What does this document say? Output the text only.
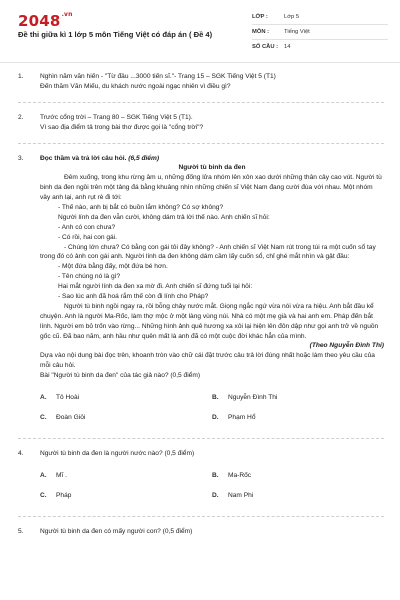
$2048^{.vn}$
Đề thi giữa kì 1 lớp 5 môn Tiếng Việt có đáp án ( Đề 4)
LỚP :	Lớp 5
MÔN :	Tiếng Việt
SỐ CÂU :	14
1.	Nghìn năm văn hiến - "Từ đầu ...3000 tiến sĩ."- Trang 15 – SGK Tiếng Việt 5 (T1)

Đến thăm Văn Miếu, du khách nước ngoài ngạc nhiên vì điều gì?

2.	Trước cổng trời – Trang 80 – SGK Tiếng Việt 5 (T1).

Vì sao địa điểm tả trong bài thơ được gọi là "cổng trời"?

3.	Đọc thầm và trả lời câu hỏi. (6,5 điểm)

Người tù binh da đen

Đêm xuống, trong khu rừng âm u, những đống lửa nhóm lên xôn xao dưới những thân cây cao vút. Người tù binh da đen ngồi trên một tảng đá bằng khuâng nhìn những chiến sĩ Việt Nam đang cười đùa với nhau. Một nhóm vây anh lại, anh rụt rè đi tới:

- Thế nào, anh bị bắt có buồn lắm không? Có sợ không?

Người lính da đen vẫn cười, không dám trả lời thế nào. Anh chiến sĩ hỏi:

- Anh có con chưa?

- Có rồi, hai con gái.

- Chúng lớn chưa? Có bằng con gái tôi đây không? - Anh chiến sĩ Việt Nam rút trong túi ra một cuốn sổ tay trong đó có ảnh con gái anh. Người lính da đen không dám cầm lấy cuốn sổ, chỉ ghé mắt nhìn và gật đầu:

- Một đứa bằng đấy, một đứa bé hơn.

- Tên chúng nó là gì?

Hai mắt người lính da đen xa mờ đi. Anh chiến sĩ đứng tuổi lại hỏi:

- Sao lúc anh đã hoá rắm thế còn đi lính cho Pháp?

Người tù binh ngồi ngay ra, rồi bỗng chảy nước mắt. Giọng ngắc ngứ vừa nói vừa ra hiệu. Anh bắt đầu kể chuyện. Anh là người Ma-Rốc, làm thợ mộc ở một làng vùng núi. Nhà có một mẹ già và hai anh em. Pháp đến bắt lính. Người em bỏ trốn vào rừng... Những hình ảnh quê hương xa xôi lại hiện lên đôn dập như gọi anh trở về nguồn gốc cũ. Đã bao năm, anh hầu như quên mất là anh đã có một cuộc đời khác hẳn của mình.

(Theo Nguyễn Đình Thi)

Dựa vào nội dung bài đọc trên, khoanh tròn vào chữ cái đặt trước câu trả lời đúng nhất hoặc làm theo yêu cầu của mỗi câu hỏi.

Bài "Người tù binh da đen" của tác giả nào? (0,5 điểm)

A.	Tô Hoài	B.	Nguyễn Đình Thi
C.	Đoàn Giỏi	D.	Phạm Hổ
4.	Người tù binh da đen là người nước nào? (0,5 điểm)

A.	Mĩ .	B.	Ma-Rốc
C.	Pháp	D.	Nam Phi
5.	Người tù binh da đen có mấy người con? (0,5 điểm)
